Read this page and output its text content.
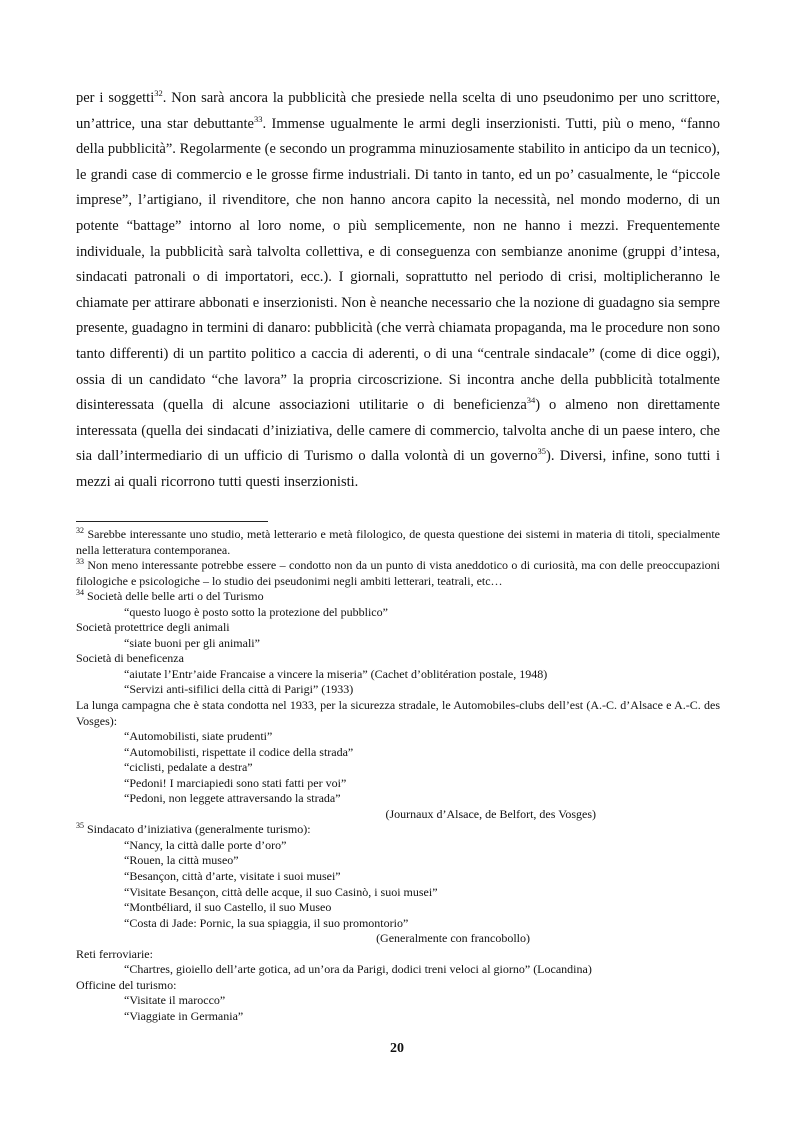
per i soggetti$^{32}$. Non sarà ancora la pubblicità che presiede nella scelta di uno pseudonimo per uno scrittore, un’attrice, una star debuttante$^{33}$. Immense ugualmente le armi degli inserzionisti. Tutti, più o meno, “fanno della pubblicità”. Regolarmente (e secondo un programma minuziosamente stabilito in anticipo da un tecnico), le grandi case di commercio e le grosse firme industriali. Di tanto in tanto, ed un po’ casualmente, le “piccole imprese”, l’artigiano, il rivenditore, che non hanno ancora capito la necessità, nel mondo moderno, di un potente “battage” intorno al loro nome, o più semplicemente, non ne hanno i mezzi. Frequentemente individuale, la pubblicità sarà talvolta collettiva, e di conseguenza con sembianze anonime (gruppi d’intesa, sindacati patronali o di importatori, ecc.). I giornali, soprattutto nel periodo di crisi, moltiplicheranno le chiamate per attirare abbonati e inserzionisti. Non è neanche necessario che la nozione di guadagno sia sempre presente, guadagno in termini di danaro: pubblicità (che verrà chiamata propaganda, ma le procedure non sono tanto differenti) di un partito politico a caccia di aderenti, o di una “centrale sindacale” (come di dice oggi), ossia di un candidato “che lavora” la propria circoscrizione. Si incontra anche della pubblicità totalmente disinteressata (quella di alcune associazioni utilitarie o di beneficienza$^{34}$) o almeno non direttamente interessata (quella dei sindacati d’iniziativa, delle camere di commercio, talvolta anche di un paese intero, che sia dall’intermediario di un ufficio di Turismo o dalla volontà di un governo$^{35}$). Diversi, infine, sono tutti i mezzi ai quali ricorrono tutti questi inserzionisti.

$^{32}$ Sarebbe interessante uno studio, metà letterario e metà filologico, de questa questione dei sistemi in materia di titoli, specialmente nella letteratura contemporanea.
$^{33}$ Non meno interessante potrebbe essere – condotto non da un punto di vista aneddotico o di curiosità, ma con delle preoccupazioni filologiche e psicologiche – lo studio dei pseudonimi negli ambiti letterari, teatrali, etc…
$^{34}$ Società delle belle arti o del Turismo
“questo luogo è posto sotto la protezione del pubblico”
Società protettrice degli animali
“siate buoni per gli animali”
Società di beneficenza
“aiutate l’Entr’aide Francaise a vincere la miseria” (Cachet d’oblitération postale, 1948)
“Servizi anti-sifilici della città di Parigi” (1933)
La lunga campagna che è stata condotta nel 1933, per la sicurezza stradale, le Automobiles-clubs dell’est (A.-C. d’Alsace e A.-C. des Vosges):
“Automobilisti, siate prudenti”
“Automobilisti, rispettate il codice della strada”
“ciclisti, pedalate a destra”
“Pedoni! I marciapiedi sono stati fatti per voi”
“Pedoni, non leggete attraversando la strada”
(Journaux d’Alsace, de Belfort, des Vosges)
$^{35}$ Sindacato d’iniziativa (generalmente turismo):
“Nancy, la città dalle porte d’oro”
“Rouen, la città museo”
“Besançon, città d’arte, visitate i suoi musei”
“Visitate Besançon, città delle acque, il suo Casinò, i suoi musei”
“Montbéliard, il suo Castello, il suo Museo
“Costa di Jade: Pornic, la sua spiaggia, il suo promontorio”
(Generalmente con francobollo)
Reti ferroviarie:
“Chartres, gioiello dell’arte gotica, ad un’ora da Parigi, dodici treni veloci al giorno” (Locandina)
Officine del turismo:
“Visitate il marocco”
“Viaggiate in Germania”
20
